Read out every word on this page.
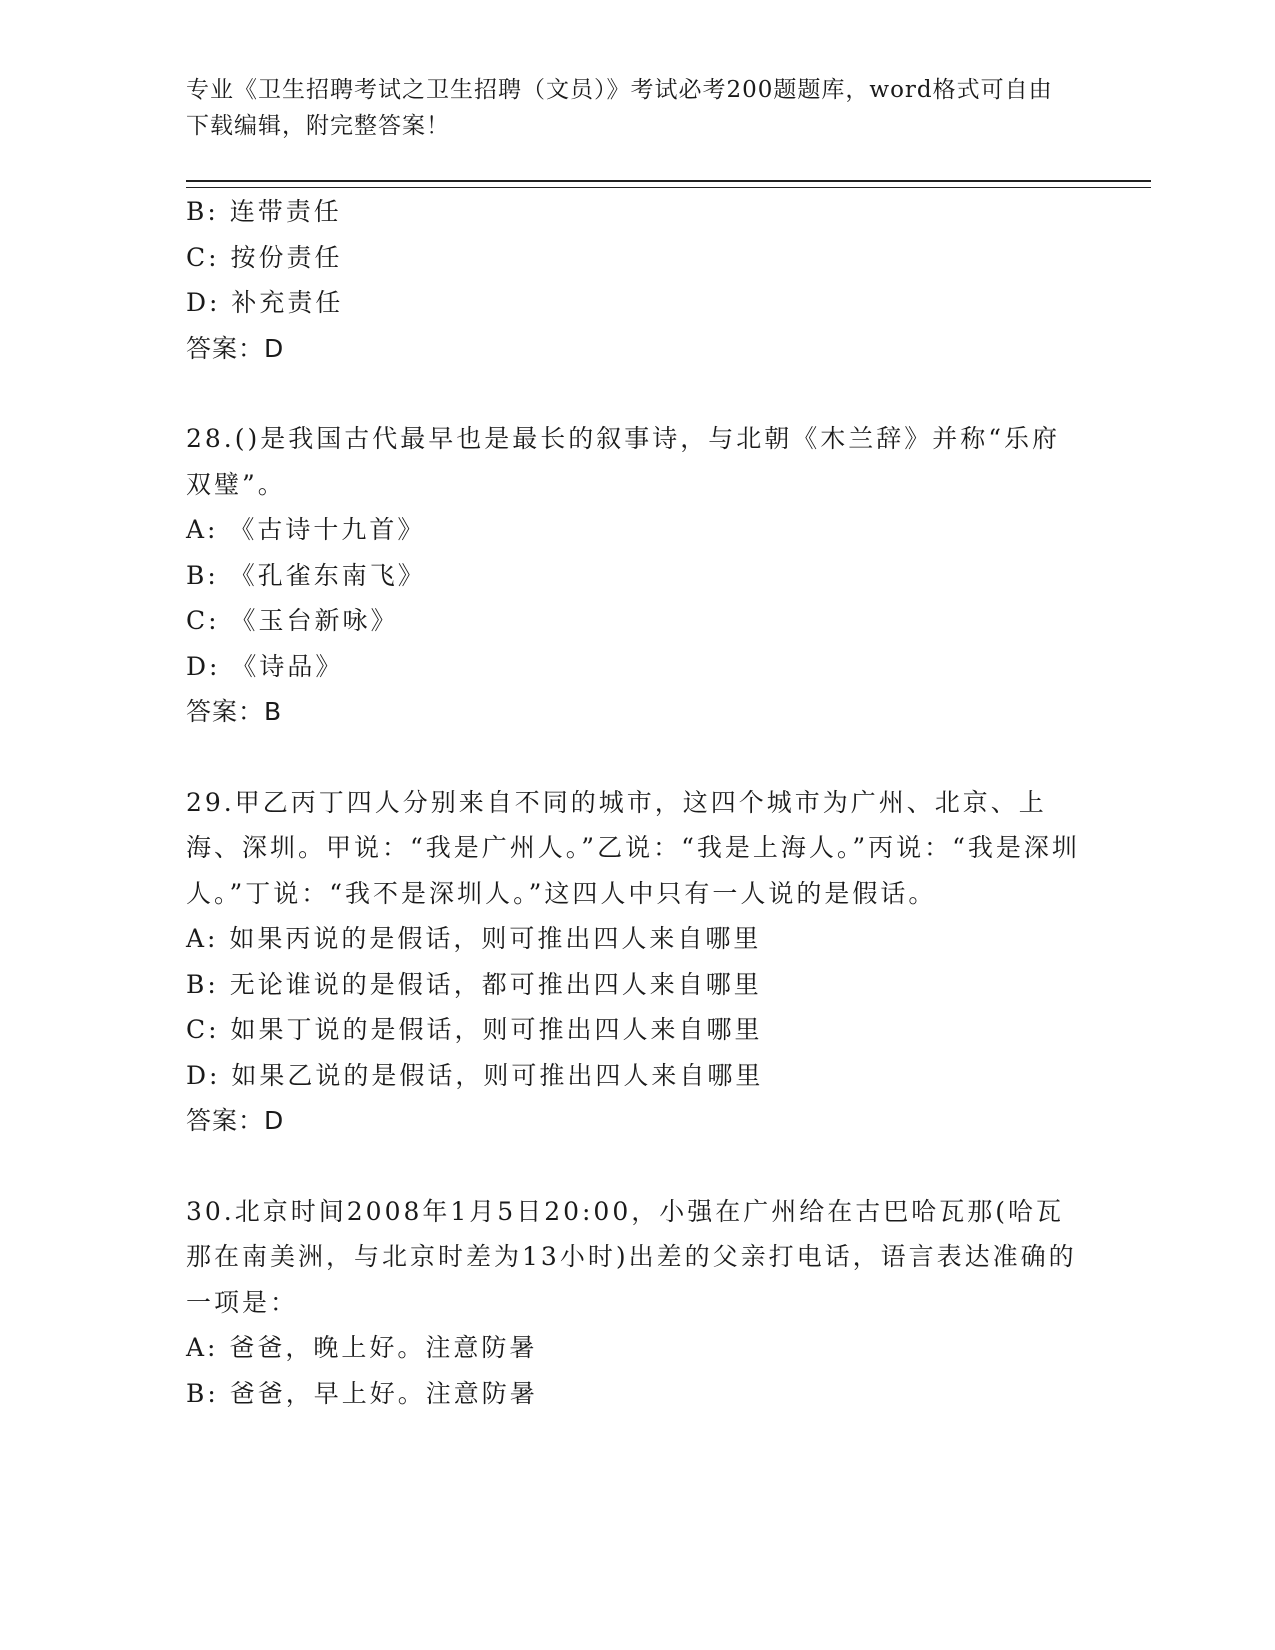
专业《卫生招聘考试之卫生招聘（文员）》考试必考200题题库，word格式可自由下载编辑，附完整答案！
B: 连带责任
C: 按份责任
D: 补充责任
答案：D
28.()是我国古代最早也是最长的叙事诗，与北朝《木兰辞》并称“乐府双璧”。
A: 《古诗十九首》
B: 《孔雀东南飞》
C: 《玉台新咏》
D: 《诗品》
答案：B
29.甲乙丙丁四人分别来自不同的城市，这四个城市为广州、北京、上海、深圳。甲说：“我是广州人。”乙说：“我是上海人。”丙说：“我是深圳人。”丁说：“我不是深圳人。”这四人中只有一人说的是假话。
A: 如果丙说的是假话，则可推出四人来自哪里
B: 无论谁说的是假话，都可推出四人来自哪里
C: 如果丁说的是假话，则可推出四人来自哪里
D: 如果乙说的是假话，则可推出四人来自哪里
答案：D
30.北京时间2008年1月5日20:00，小强在广州给在古巴哈瓦那(哈瓦那在南美洲，与北京时差为13小时)出差的父亲打电话，语言表达准确的一项是：
A: 爸爸，晚上好。注意防暑
B: 爸爸，早上好。注意防暑
